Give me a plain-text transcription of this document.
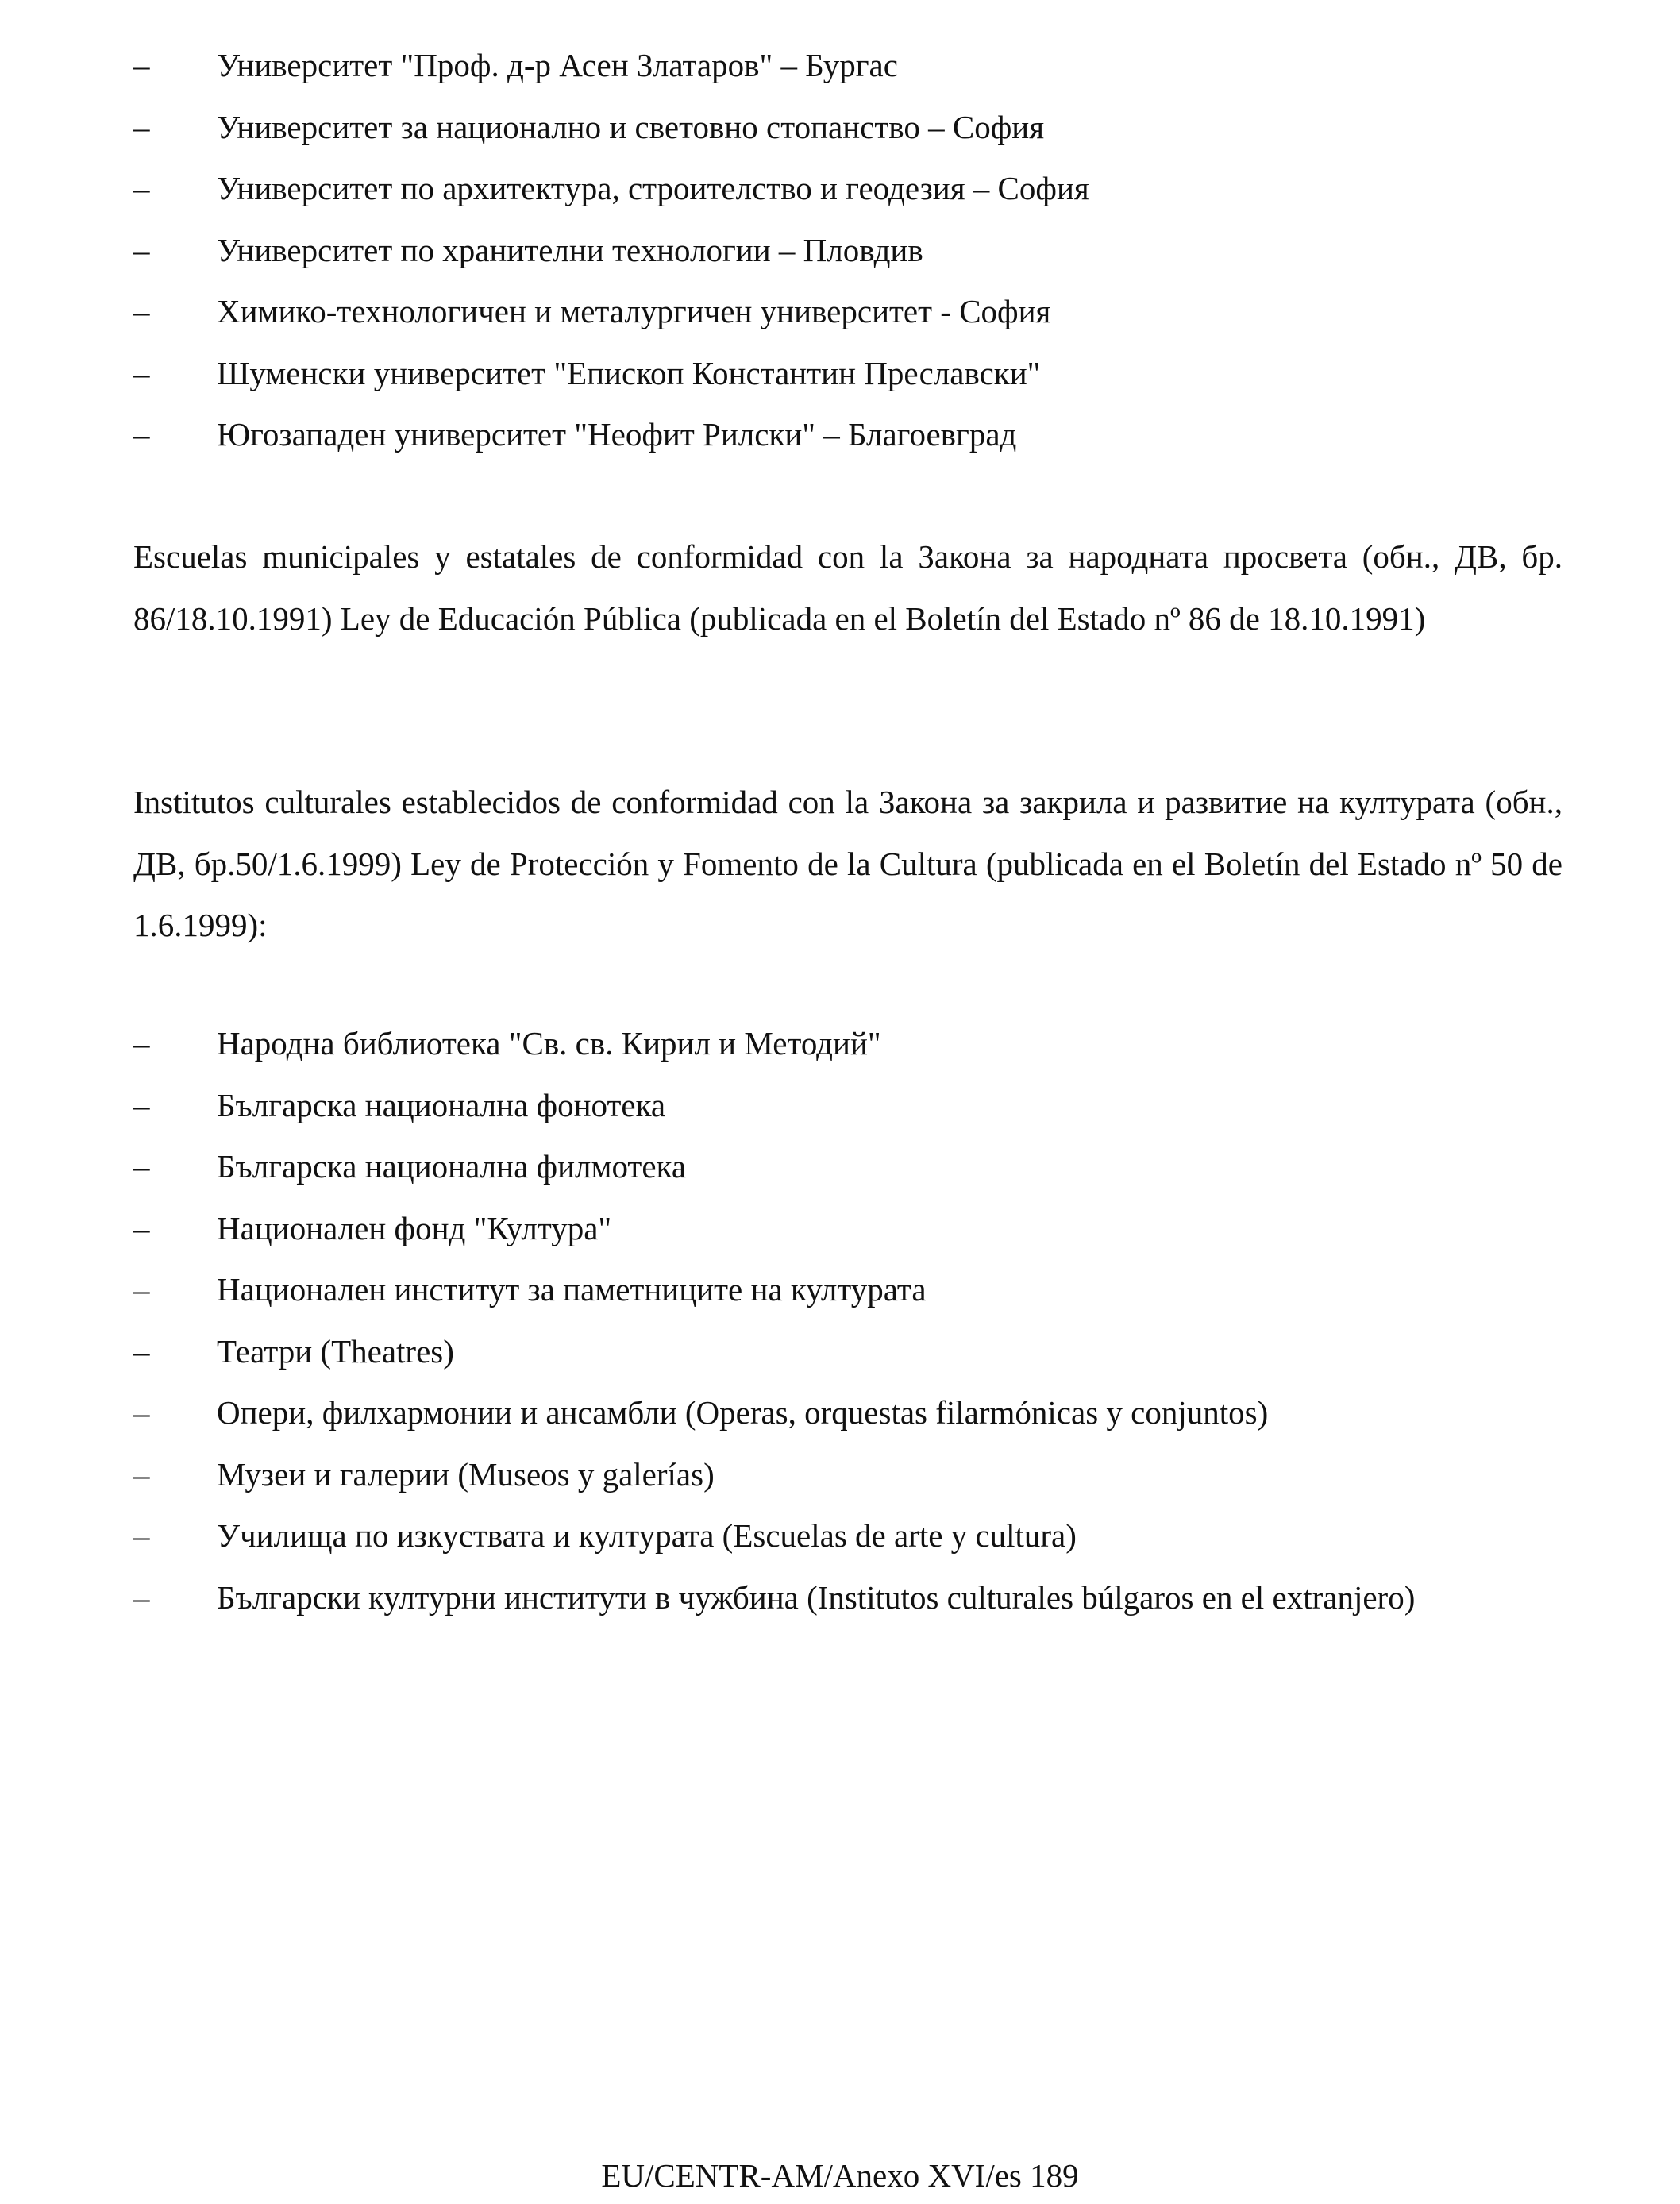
–	Университет "Проф. д-р Асен Златаров" – Бургас
–	Университет за национално и световно стопанство – София
–	Университет по архитектура, строителство и геодезия – София
–	Университет по хранителни технологии – Пловдив
–	Химико-технологичен и металургичен университет - София
–	Шуменски университет "Епископ Константин Преславски"
–	Югозападен университет "Неофит Рилски" – Благоевград

Escuelas municipales y estatales de conformidad con la Закона за народната просвета (обн., ДВ, бр. 86/18.10.1991) Ley de Educación Pública (publicada en el Boletín del Estado nº 86 de 18.10.1991)

Institutos culturales establecidos de conformidad con la Закона за закрила и развитие на културата (обн., ДВ, бр.50/1.6.1999) Ley de Protección y Fomento de la Cultura (publicada en el Boletín del Estado nº 50 de 1.6.1999):

–	Народна библиотека "Св. св. Кирил и Методий"
–	Българска национална фонотека
–	Българска национална филмотека
–	Национален фонд "Култура"
–	Национален институт за паметниците на културата
–	Театри (Theatres)
–	Опери, филхармонии и ансамбли (Operas, orquestas filarmónicas y conjuntos)
–	Музеи и галерии (Museos y galerías)
–	Училища по изкуствата и културата (Escuelas de arte y cultura)
–	Български културни институти в чужбина (Institutos culturales búlgaros en el extranjero)
EU/CENTR-AM/Anexo XVI/es 189
